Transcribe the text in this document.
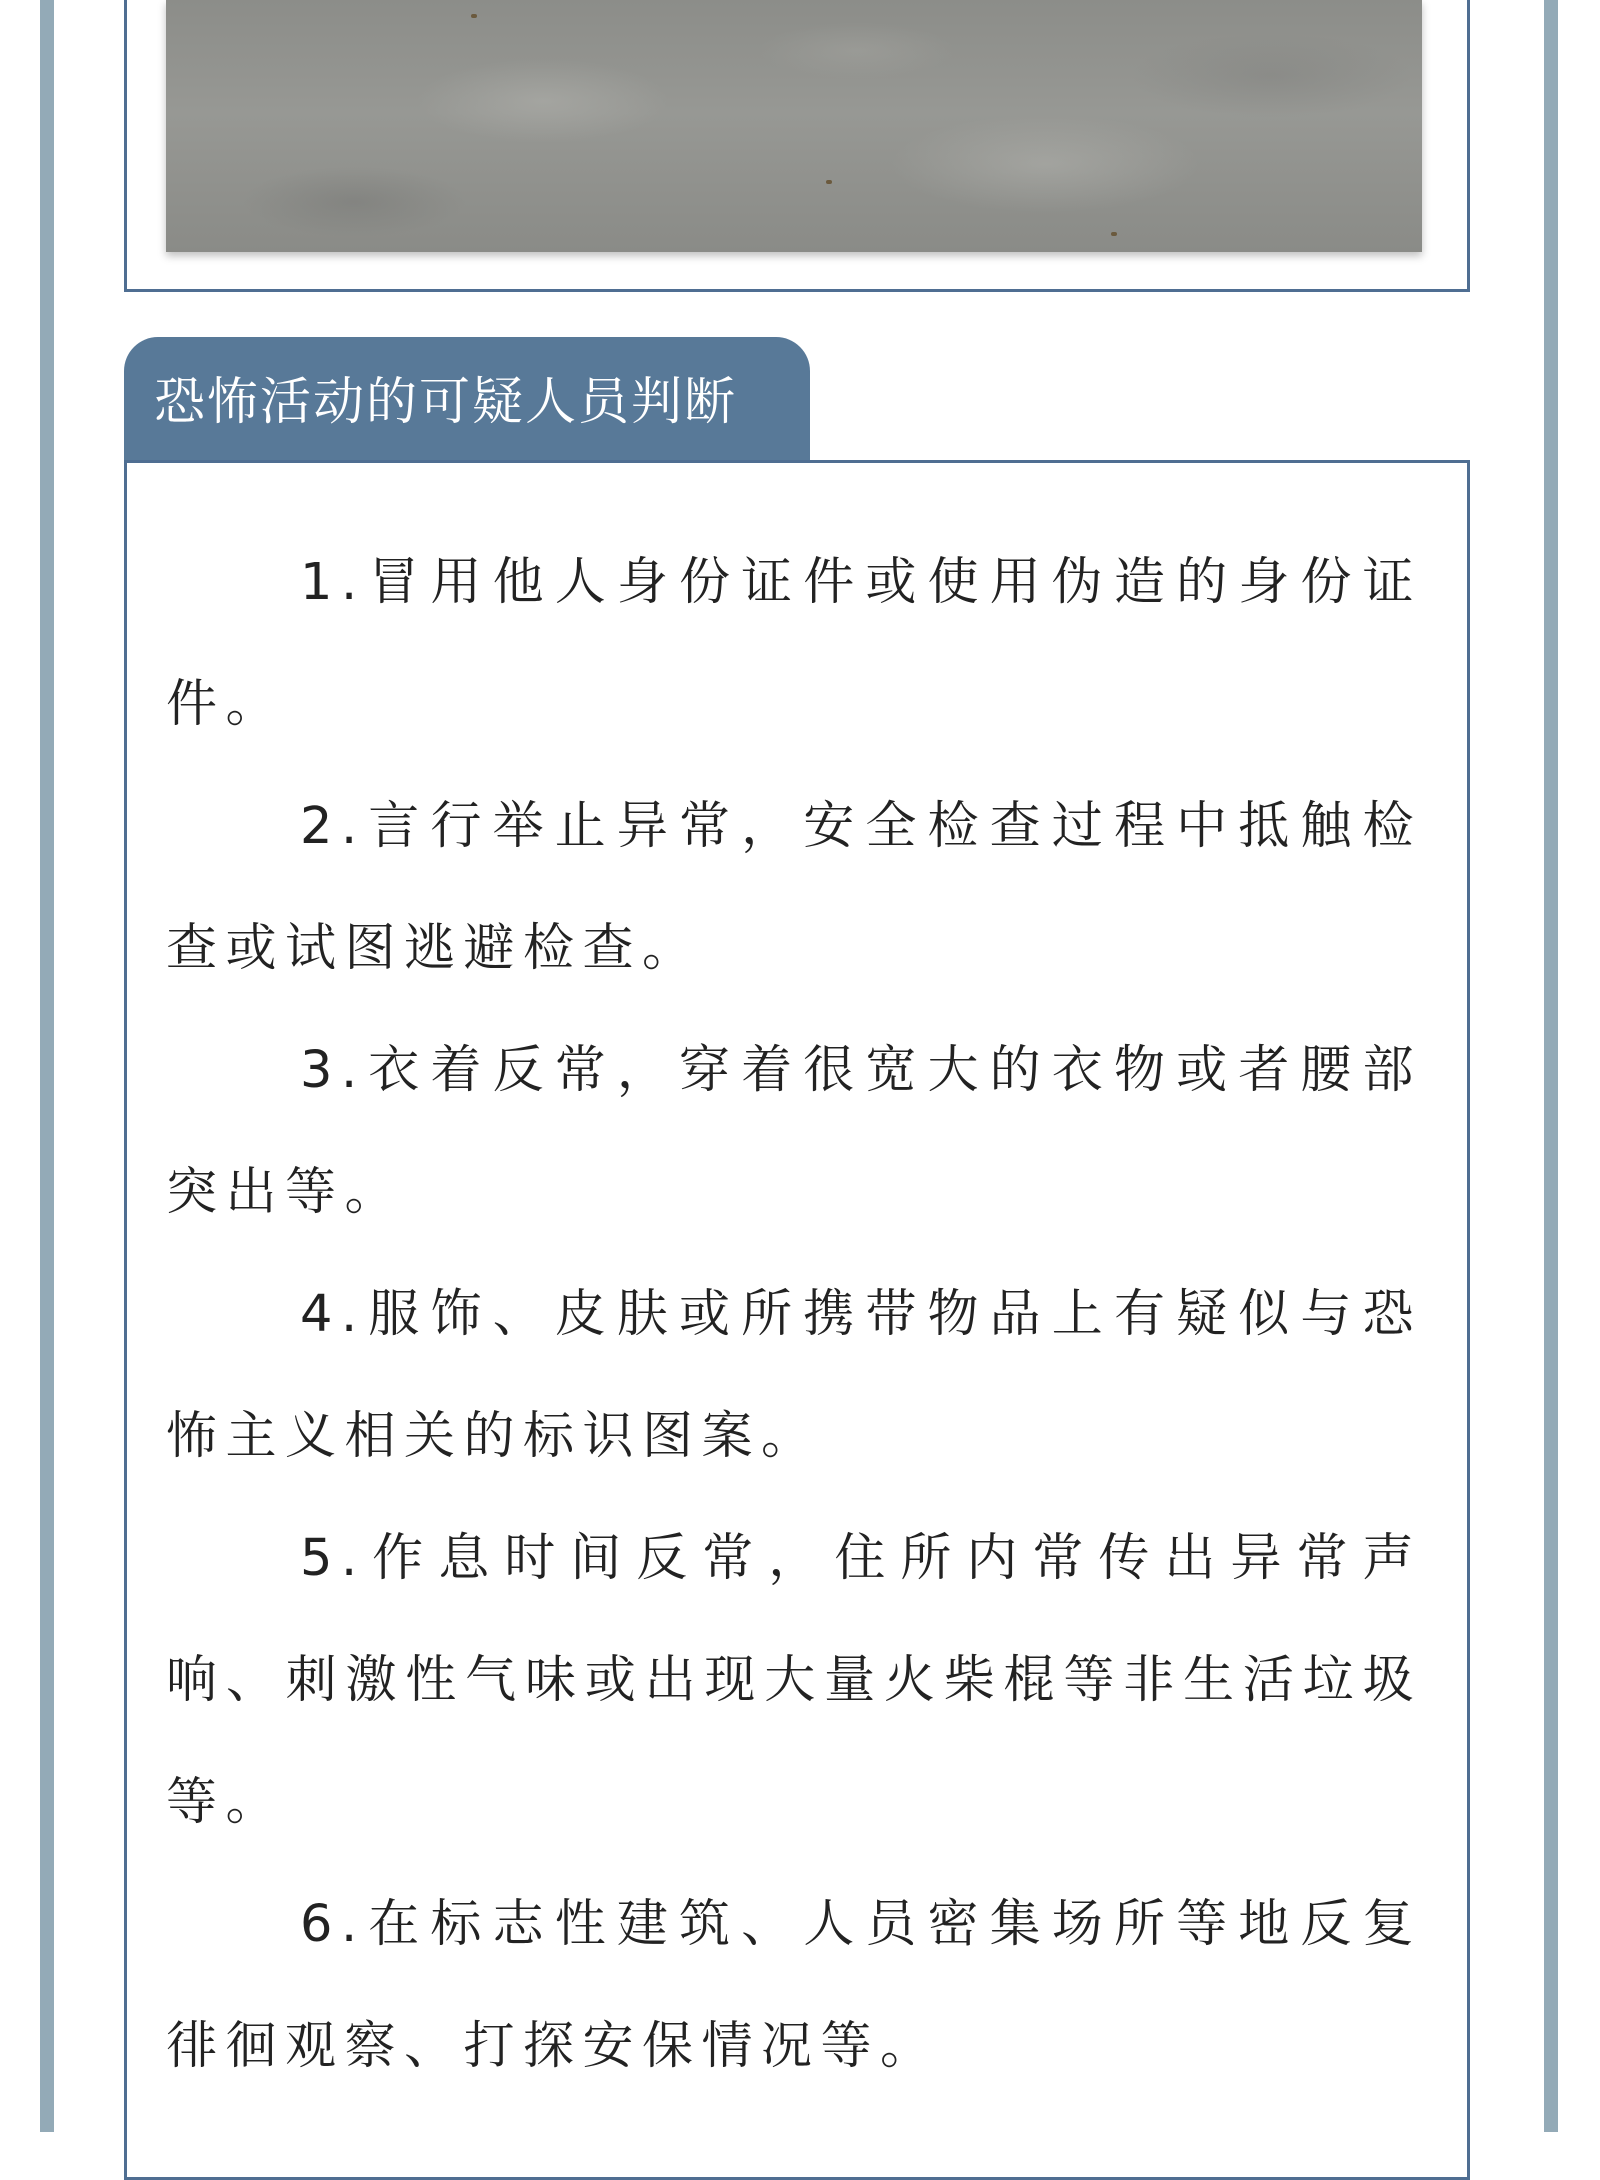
恐怖活动的可疑人员判断

1.冒用他人身份证件或使用伪造的身份证件。

2.言行举止异常，安全检查过程中抵触检查或试图逃避检查。

3.衣着反常，穿着很宽大的衣物或者腰部突出等。

4.服饰、皮肤或所携带物品上有疑似与恐怖主义相关的标识图案。

5.作息时间反常，住所内常传出异常声响、刺激性气味或出现大量火柴棍等非生活垃圾等。

6.在标志性建筑、人员密集场所等地反复徘徊观察、打探安保情况等。
